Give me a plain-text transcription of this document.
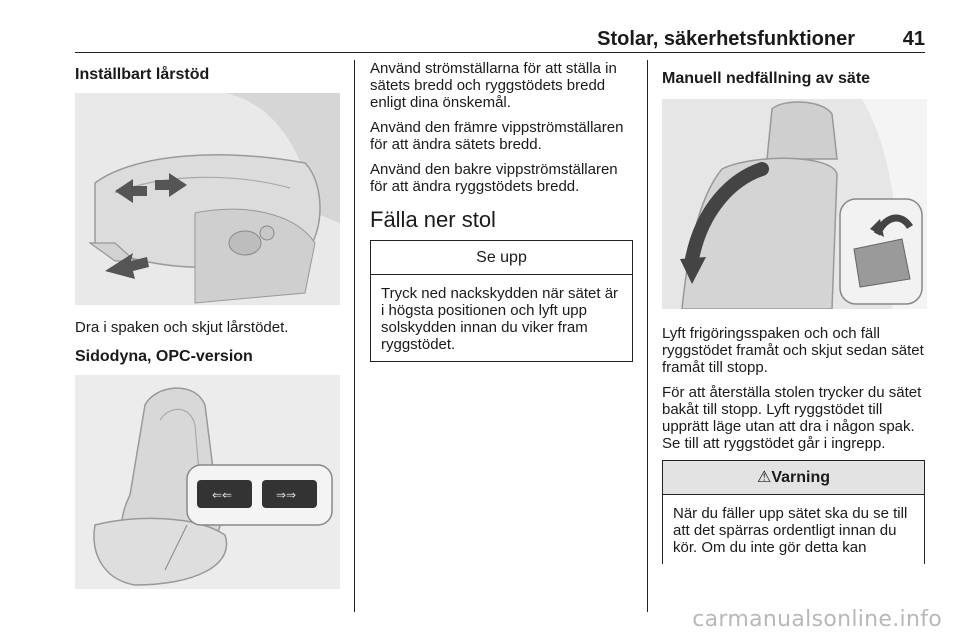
Stolar, säkerhetsfunktioner 41
Inställbart lårstöd

Dra i spaken och skjut lårstödet.

Sidodyna, OPC-version
⇐⇐	⇒⇒

Använd strömställarna för att ställa in sätets bredd och ryggstödets bredd enligt dina önskemål.

Använd den främre vippströmställaren för att ändra sätets bredd.

Använd den bakre vippströmställaren för att ändra ryggstödets bredd.

Fälla ner stol
Se upp
Tryck ned nackskydden när sätet är i högsta positionen och lyft upp solskydden innan du viker fram ryggstödet.
Manuell nedfällning av säte

Lyft frigöringsspaken och och fäll ryggstödet framåt och skjut sedan sätet framåt till stopp.

För att återställa stolen trycker du sätet bakåt till stopp. Lyft ryggstödet till upprätt läge utan att dra i någon spak. Se till att ryggstödet går i ingrepp.

⚠Varning
När du fäller upp sätet ska du se till att det spärras ordentligt innan du kör. Om du inte gör detta kan
carmanualsonline.info
